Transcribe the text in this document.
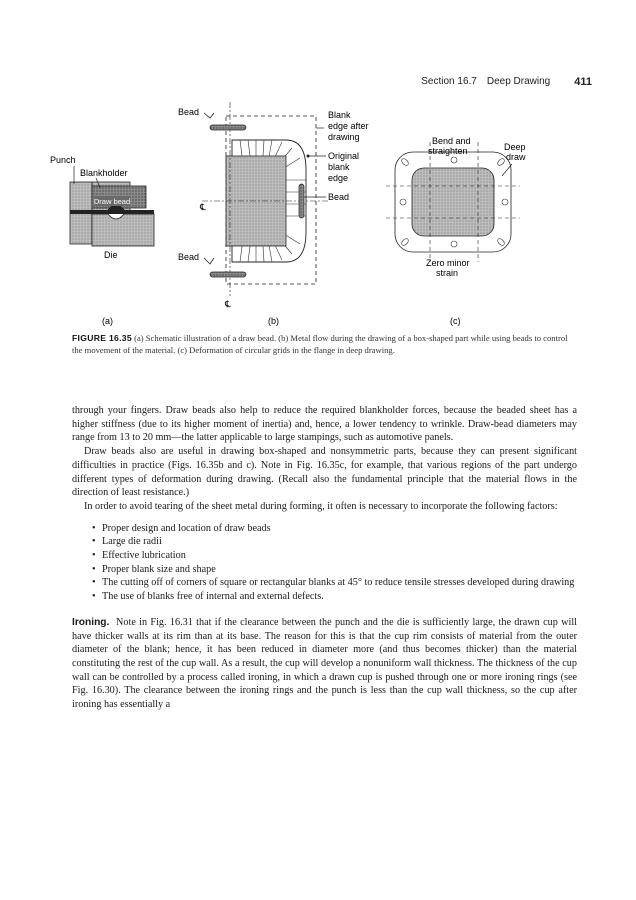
Section 16.7 Deep Drawing 411
Draw bead
Punch
Blankholder
Die
(a)
Bead
Bead
Blank
edge after
drawing
Original
blank
edge
Bead
℄
℄
(b)
Bend and
straighten	Deep
draw
Zero minor
strain
(c)
FIGURE 16.35 (a) Schematic illustration of a draw bead. (b) Metal flow during the drawing of a box-shaped part while using beads to control the movement of the material. (c) Deformation of circular grids in the flange in deep drawing.

through your fingers. Draw beads also help to reduce the required blankholder forces, because the beaded sheet has a higher stiffness (due to its higher moment of inertia) and, hence, a lower tendency to wrinkle. Draw-bead diameters may range from 13 to 20 mm—the latter applicable to large stampings, such as automotive panels.

Draw beads also are useful in drawing box-shaped and nonsymmetric parts, because they can present significant difficulties in practice (Figs. 16.35b and c). Note in Fig. 16.35c, for example, that various regions of the part undergo different types of deformation during drawing. (Recall also the fundamental principle that the material flows in the direction of least resistance.)

In order to avoid tearing of the sheet metal during forming, it often is necessary to incorporate the following factors:

• Proper design and location of draw beads
• Large die radii
• Effective lubrication
• Proper blank size and shape
• The cutting off of corners of square or rectangular blanks at 45° to reduce tensile stresses developed during drawing
• The use of blanks free of internal and external defects.

Ironing. Note in Fig. 16.31 that if the clearance between the punch and the die is sufficiently large, the drawn cup will have thicker walls at its rim than at its base. The reason for this is that the cup rim consists of material from the outer diameter of the blank; hence, it has been reduced in diameter more (and thus becomes thicker) than the material constituting the rest of the cup wall. As a result, the cup will develop a nonuniform wall thickness. The thickness of the cup wall can be controlled by a process called ironing, in which a drawn cup is pushed through one or more ironing rings (see Fig. 16.30). The clearance between the ironing rings and the punch is less than the cup wall thickness, so the cup after ironing has essentially a
